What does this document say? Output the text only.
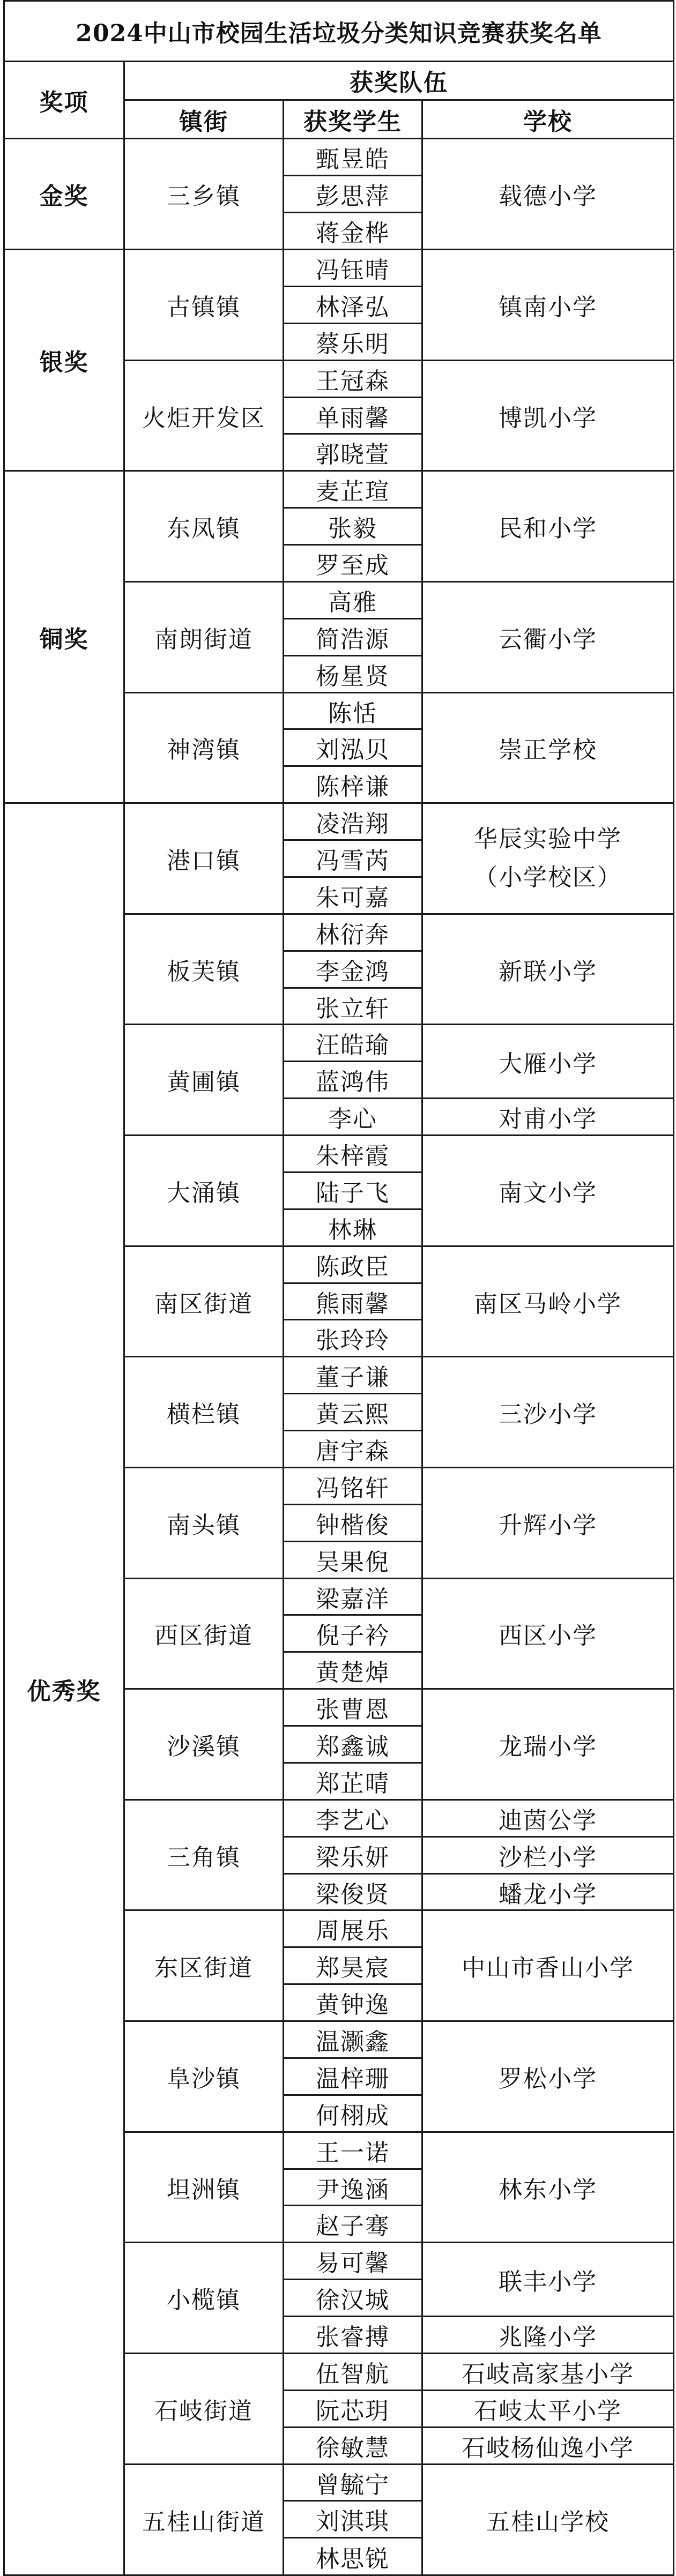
2024中山市校园生活垃圾分类知识竞赛获奖名单			
奖项	获奖队伍		
	镇街	获奖学生	学校
金奖	三乡镇	甄昱皓	载德小学
		彭思萍	
		蒋金桦	
银奖	古镇镇	冯钰晴	镇南小学
		林泽弘	
		蔡乐明	
	火炬开发区	王冠森	博凯小学
		单雨馨	
		郭晓萱	
铜奖	东凤镇	麦芷瑄	民和小学
		张毅	
		罗至成	
	南朗街道	高雅	云衢小学
		简浩源	
		杨星贤	
	神湾镇	陈恬	崇正学校
		刘泓贝	
		陈梓谦	
优秀奖	港口镇	凌浩翔	华辰实验中学
（小学校区）

		冯雪芮	
		朱可嘉	
	板芙镇	林衍奔	新联小学
		李金鸿	
		张立轩	
	黄圃镇	汪皓瑜	大雁小学
		蓝鸿伟	
		李心	对甫小学
	大涌镇	朱梓霞	南文小学
		陆子飞	
		林琳	
	南区街道	陈政臣	南区马岭小学
		熊雨馨	
		张玲玲	
	横栏镇	董子谦	三沙小学
		黄云熙	
		唐宇森	
	南头镇	冯铭轩	升辉小学
		钟楷俊	
		吴果倪	
	西区街道	梁嘉洋	西区小学
		倪子衿	
		黄楚焯	
	沙溪镇	张曹恩	龙瑞小学
		郑鑫诚	
		郑芷晴	
	三角镇	李艺心	迪茵公学
		梁乐妍	沙栏小学
		梁俊贤	蟠龙小学
	东区街道	周展乐	中山市香山小学
		郑昊宸	
		黄钟逸	
	阜沙镇	温灏鑫	罗松小学
		温梓珊	
		何栩成	
	坦洲镇	王一诺	林东小学
		尹逸涵	
		赵子骞	
	小榄镇	易可馨	联丰小学
		徐汉城	
		张睿搏	兆隆小学
	石岐街道	伍智航	石岐高家基小学
		阮芯玥	石岐太平小学
		徐敏慧	石岐杨仙逸小学
	五桂山街道	曾毓宁	五桂山学校
		刘淇琪	
		林思锐	
